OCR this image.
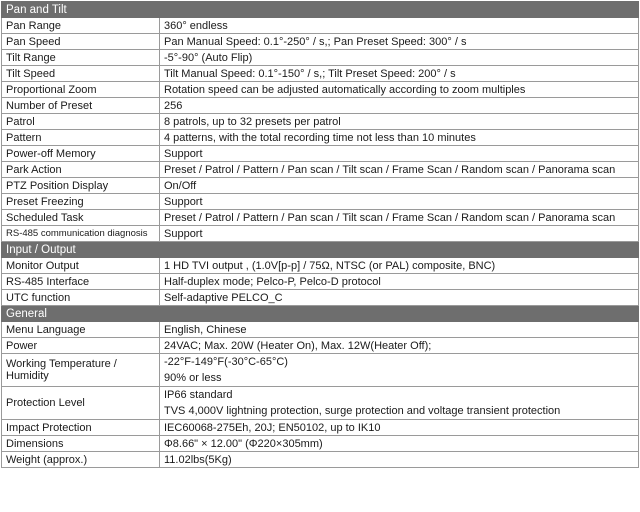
Pan and Tilt	
Pan Range	360° endless
Pan Speed	Pan Manual Speed: 0.1°-250° / s,; Pan Preset Speed: 300° / s
Tilt Range	-5°-90° (Auto Flip)
Tilt Speed	Tilt Manual Speed: 0.1°-150° / s,; Tilt Preset Speed: 200° / s
Proportional Zoom	Rotation speed can be adjusted automatically according to zoom multiples
Number of Preset	256
Patrol	8 patrols, up to 32 presets per patrol
Pattern	4 patterns, with the total recording time not less than 10 minutes
Power-off Memory	Support
Park Action	Preset / Patrol / Pattern / Pan scan / Tilt scan / Frame Scan / Random scan / Panorama scan
PTZ Position Display	On/Off
Preset Freezing	Support
Scheduled Task	Preset / Patrol / Pattern / Pan scan / Tilt scan / Frame Scan / Random scan / Panorama scan
RS-485 communication diagnosis	Support
Input / Output	
Monitor Output	1 HD TVI output , (1.0V[p-p] / 75Ω, NTSC (or PAL) composite, BNC)
RS-485 Interface	Half-duplex mode; Pelco-P, Pelco-D protocol
UTC function	Self-adaptive PELCO_C
General	
Menu Language	English, Chinese
Power	24VAC; Max. 20W (Heater On), Max. 12W(Heater Off);
Working Temperature / Humidity	-22°F-149°F(-30°C-65°C)
90% or less

Protection Level	IP66 standard
TVS 4,000V lightning protection, surge protection and voltage transient protection

Impact Protection	IEC60068-275Eh, 20J; EN50102, up to IK10
Dimensions	Φ8.66" × 12.00" (Φ220×305mm)
Weight (approx.)	11.02lbs(5Kg)
